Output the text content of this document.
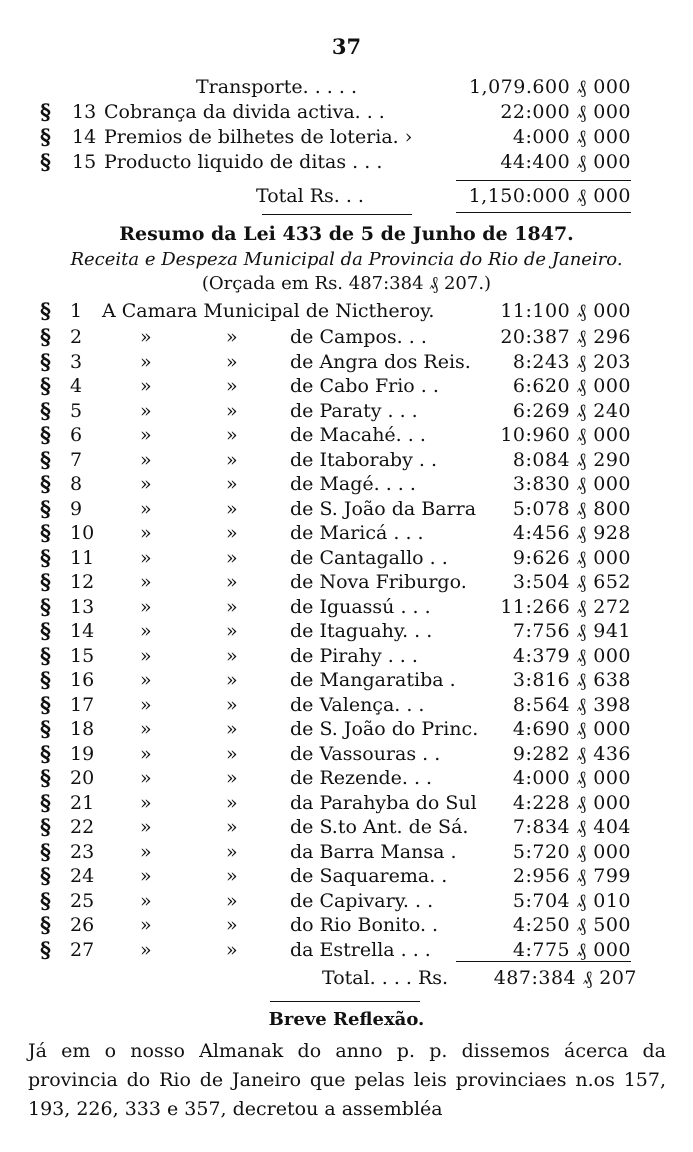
37
Transporte. . . . .	1,079.600 ₰ 000
§ 13 Cobrança da divida activa. . .	22:000 ₰ 000
§ 14 Premios de bilhetes de loteria. ›	4:000 ₰ 000
§ 15 Producto liquido de ditas . . .	44:400 ₰ 000
Total Rs. . .	1,150:000 ₰ 000
Resumo da Lei 433 de 5 de Junho de 1847.
Receita e Despeza Municipal da Provincia do Rio de Janeiro.
(Orçada em Rs. 487:384 ₰ 207.)
§ 1	A Camara Municipal de Nictheroy.	11:100 ₰ 000
§ 2	»	»	de Campos. . .	20:387 ₰ 296
§ 3	»	»	de Angra dos Reis. 8:243 ₰ 203
§ 4	»	»	de Cabo Frio . .	6:620 ₰ 000
§ 5	»	»	de Paraty . . .	6:269 ₰ 240
§ 6	»	»	de Macahé. . .	10:960 ₰ 000
§ 7	»	»	de Itaboraby . .	8:084 ₰ 290
§ 8	»	»	de Magé. . . .	3:830 ₰ 000
§ 9	»	»	de S. João da Barra 5:078 ₰ 800
§ 10	»	»	de Maricá . . .	4:456 ₰ 928
§ 11	»	»	de Cantagallo . .	9:626 ₰ 000
§ 12	»	»	de Nova Friburgo. 3:504 ₰ 652
§ 13	»	»	de Iguassú . . .	11:266 ₰ 272
§ 14	»	»	de Itaguahy. . .	7:756 ₰ 941
§ 15	»	»	de Pirahy . . .	4:379 ₰ 000
§ 16	»	»	de Mangaratiba .	3:816 ₰ 638
§ 17	»	»	de Valença. . .	8:564 ₰ 398
§ 18	»	»	de S. João do Princ. 4:690 ₰ 000
§ 19	»	»	de Vassouras . .	9:282 ₰ 436
§ 20	»	»	de Rezende. . .	4:000 ₰ 000
§ 21	»	»	da Parahyba do Sul 4:228 ₰ 000
§ 22	»	»	de S.to Ant. de Sá. 7:834 ₰ 404
§ 23	»	»	da Barra Mansa .	5:720 ₰ 000
§ 24	»	»	de Saquarema. .	2:956 ₰ 799
§ 25	»	»	de Capivary. . .	5:704 ₰ 010
§ 26	»	»	do Rio Bonito. .	4:250 ₰ 500
§ 27	»	»	da Estrella . . .	4:775 ₰ 000
Total. . . . Rs. 487:384 ₰ 207
Breve Reflexão.
Já em o nosso Almanak do anno p. p. dissemos ácerca da provincia do Rio de Janeiro que pelas leis provinciaes n.os 157, 193, 226, 333 e 357, decretou a assembléa
